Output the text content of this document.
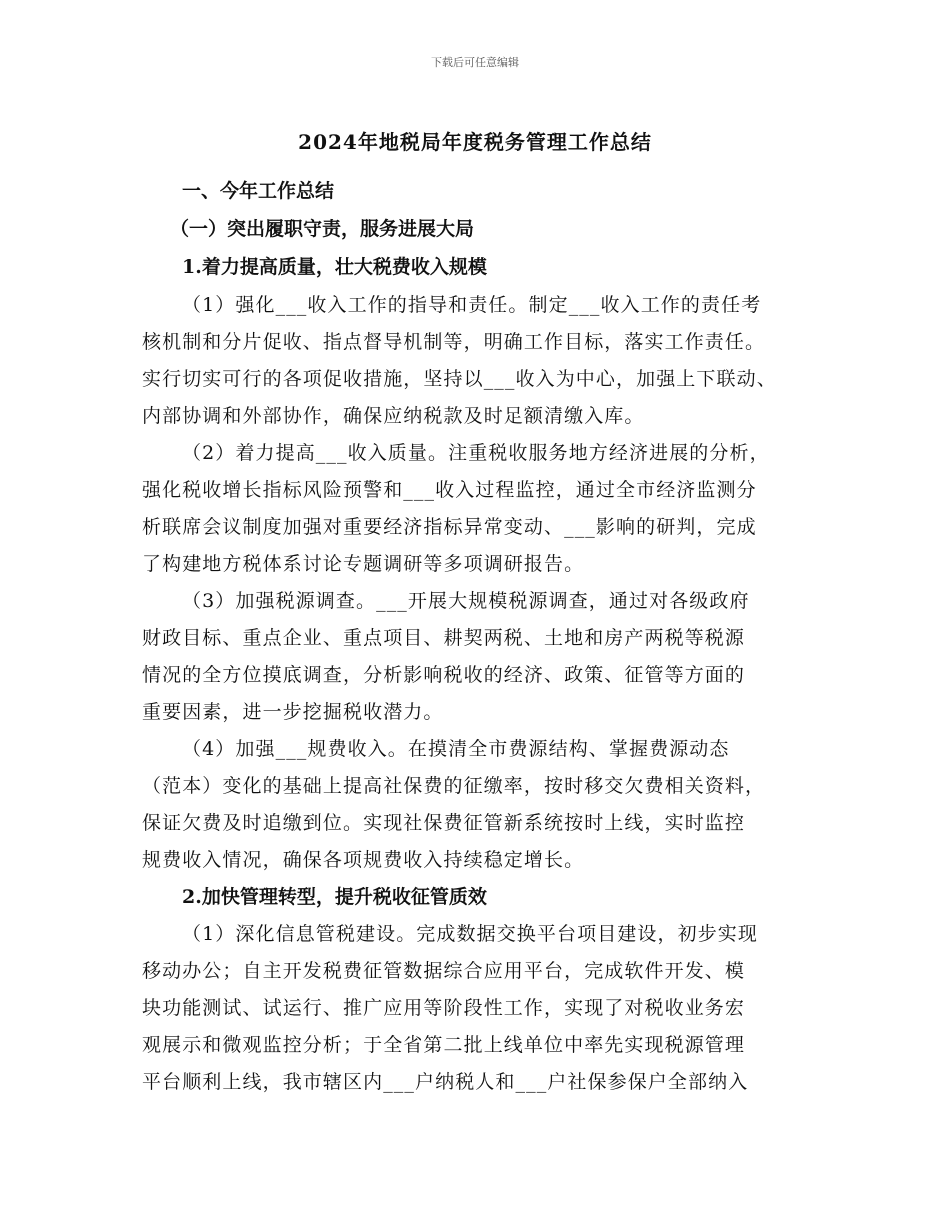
下载后可任意编辑
2024年地税局年度税务管理工作总结
一、今年工作总结
（一）突出履职守责，服务进展大局
1.着力提高质量，壮大税费收入规模
（1）强化___收入工作的指导和责任。制定___收入工作的责任考
核机制和分片促收、指点督导机制等，明确工作目标，落实工作责任。
实行切实可行的各项促收措施，坚持以___收入为中心，加强上下联动、
内部协调和外部协作，确保应纳税款及时足额清缴入库。
（2）着力提高___收入质量。注重税收服务地方经济进展的分析，
强化税收增长指标风险预警和___收入过程监控，通过全市经济监测分
析联席会议制度加强对重要经济指标异常变动、___影响的研判，完成
了构建地方税体系讨论专题调研等多项调研报告。
（3）加强税源调查。___开展大规模税源调查，通过对各级政府
财政目标、重点企业、重点项目、耕契两税、土地和房产两税等税源
情况的全方位摸底调查，分析影响税收的经济、政策、征管等方面的
重要因素，进一步挖掘税收潜力。
（4）加强___规费收入。在摸清全市费源结构、掌握费源动态
（范本）变化的基础上提高社保费的征缴率，按时移交欠费相关资料，
保证欠费及时追缴到位。实现社保费征管新系统按时上线，实时监控
规费收入情况，确保各项规费收入持续稳定增长。
2.加快管理转型，提升税收征管质效
（1）深化信息管税建设。完成数据交换平台项目建设，初步实现
移动办公；自主开发税费征管数据综合应用平台，完成软件开发、模
块功能测试、试运行、推广应用等阶段性工作，实现了对税收业务宏
观展示和微观监控分析；于全省第二批上线单位中率先实现税源管理
平台顺利上线，我市辖区内___户纳税人和___户社保参保户全部纳入
